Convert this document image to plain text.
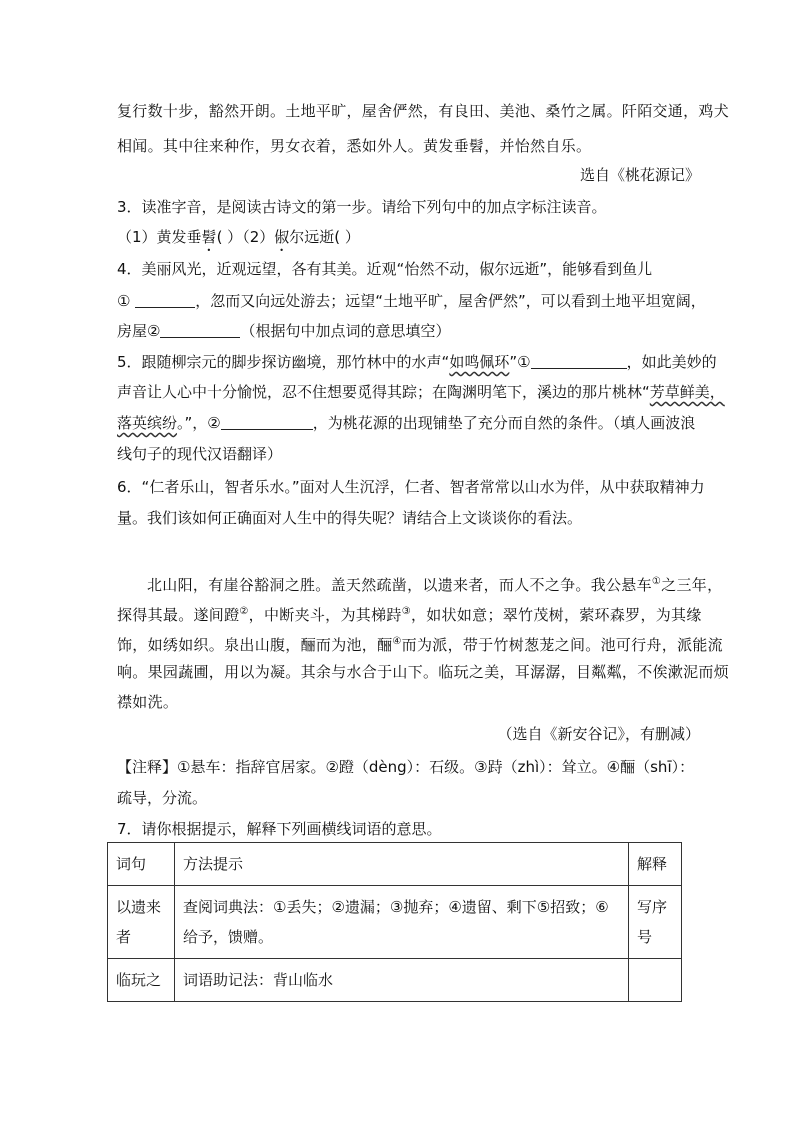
复行数十步，豁然开朗。土地平旷，屋舍俨然，有良田、美池、桑竹之属。阡陌交通，鸡犬
相闻。其中往来种作，男女衣着，悉如外人。黄发垂髫，并怡然自乐。
选自《桃花源记》
3．读准字音，是阅读古诗文的第一步。请给下列句中的加点字标注读音。
（1）黄发垂髫( ）（2）俶尔远逝( ）
4．美丽风光，近观远望，各有其美。近观“怡然不动，俶尔远逝”，能够看到鱼儿
①	，忽而又向远处游去；远望“土地平旷，屋舍俨然”，可以看到土地平坦宽阔，
房屋②	（根据句中加点词的意思填空）
5．跟随柳宗元的脚步探访幽境，那竹林中的水声“如鸣佩环”①	，如此美妙的
声音让人心中十分愉悦，忍不住想要觅得其踪；在陶渊明笔下，溪边的那片桃林“芳草鲜美，
落英缤纷。”，②	，为桃花源的出现铺垫了充分而自然的条件。（填人画波浪
线句子的现代汉语翻译）
6．“仁者乐山，智者乐水。”面对人生沉浮，仁者、智者常常以山水为伴，从中获取精神力
量。我们该如何正确面对人生中的得失呢？请结合上文谈谈你的看法。
北山阳，有崖谷豁洞之胜。盖天然疏凿，以遗来者，而人不之争。我公悬车①之三年，
探得其最。遂间蹬②，中断夹斗，为其梯跱③，如状如意；翠竹茂树，萦环森罗，为其缘
饰，如绣如织。泉出山腹，酾而为池，酾④而为派，带于竹树葱茏之间。池可行舟，派能流
响。果园蔬圃，用以为凝。其余与水合于山下。临玩之美，耳潺潺，目粼粼，不俟漱泥而烦
襟如洗。
（选自《新安谷记》，有删减）
【注释】①悬车：指辞官居家。②蹬（dèng）：石级。③跱（zhì）：耸立。④酾（shī）：
疏导，分流。
7．请你根据提示，解释下列画横线词语的意思。
词句	方法提示	解释
以遗来者	查阅词典法：①丢失；②遗漏；③抛弃；④遗留、剩下⑤招致；⑥给予，馈赠。	写序号
临玩之	词语助记法：背山临水	
